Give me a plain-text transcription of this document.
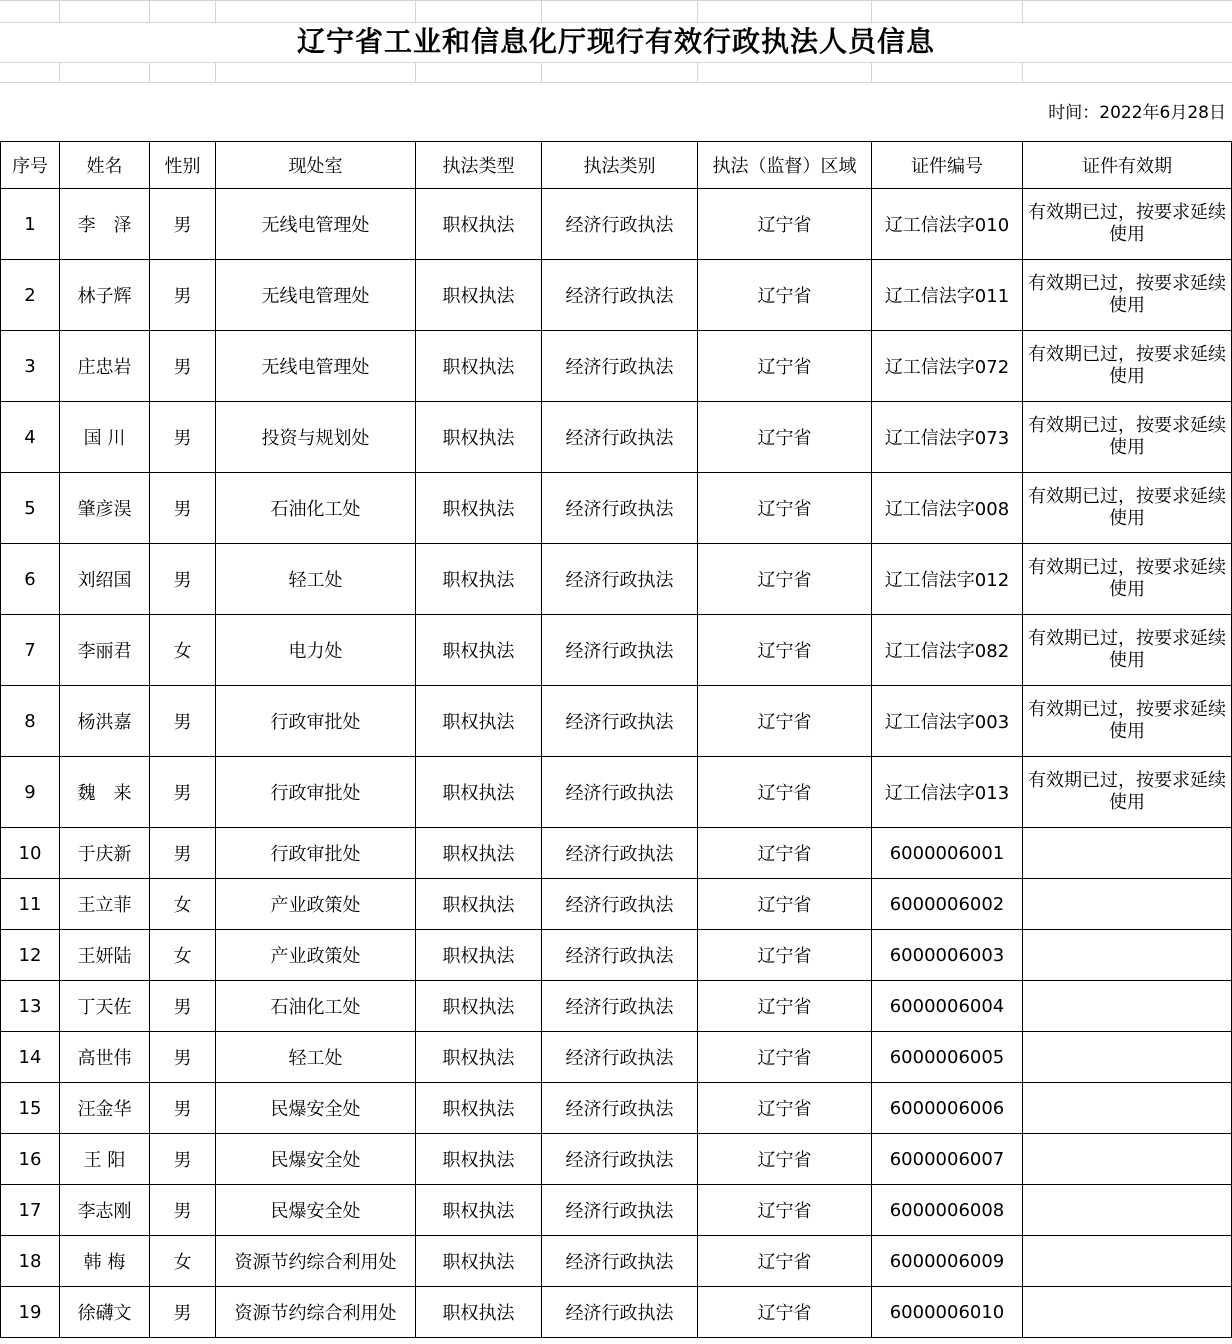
辽宁省工业和信息化厅现行有效行政执法人员信息
时间：2022年6月28日
序号	姓名	性别	现处室	执法类型	执法类别	执法（监督）区域	证件编号	证件有效期
1	李　泽	男	无线电管理处	职权执法	经济行政执法	辽宁省	辽工信法字010	有效期已过，按要求延续使用
2	林子辉	男	无线电管理处	职权执法	经济行政执法	辽宁省	辽工信法字011	有效期已过，按要求延续使用
3	庄忠岩	男	无线电管理处	职权执法	经济行政执法	辽宁省	辽工信法字072	有效期已过，按要求延续使用
4	国 川	男	投资与规划处	职权执法	经济行政执法	辽宁省	辽工信法字073	有效期已过，按要求延续使用
5	肇彦淏	男	石油化工处	职权执法	经济行政执法	辽宁省	辽工信法字008	有效期已过，按要求延续使用
6	刘绍国	男	轻工处	职权执法	经济行政执法	辽宁省	辽工信法字012	有效期已过，按要求延续使用
7	李丽君	女	电力处	职权执法	经济行政执法	辽宁省	辽工信法字082	有效期已过，按要求延续使用
8	杨洪嘉	男	行政审批处	职权执法	经济行政执法	辽宁省	辽工信法字003	有效期已过，按要求延续使用
9	魏　来	男	行政审批处	职权执法	经济行政执法	辽宁省	辽工信法字013	有效期已过，按要求延续使用
10	于庆新	男	行政审批处	职权执法	经济行政执法	辽宁省	6000006001	
11	王立菲	女	产业政策处	职权执法	经济行政执法	辽宁省	6000006002	
12	王妍陆	女	产业政策处	职权执法	经济行政执法	辽宁省	6000006003	
13	丁天佐	男	石油化工处	职权执法	经济行政执法	辽宁省	6000006004	
14	高世伟	男	轻工处	职权执法	经济行政执法	辽宁省	6000006005	
15	汪金华	男	民爆安全处	职权执法	经济行政执法	辽宁省	6000006006	
16	王 阳	男	民爆安全处	职权执法	经济行政执法	辽宁省	6000006007	
17	李志刚	男	民爆安全处	职权执法	经济行政执法	辽宁省	6000006008	
18	韩 梅	女	资源节约综合利用处	职权执法	经济行政执法	辽宁省	6000006009	
19	徐礴文	男	资源节约综合利用处	职权执法	经济行政执法	辽宁省	6000006010	
